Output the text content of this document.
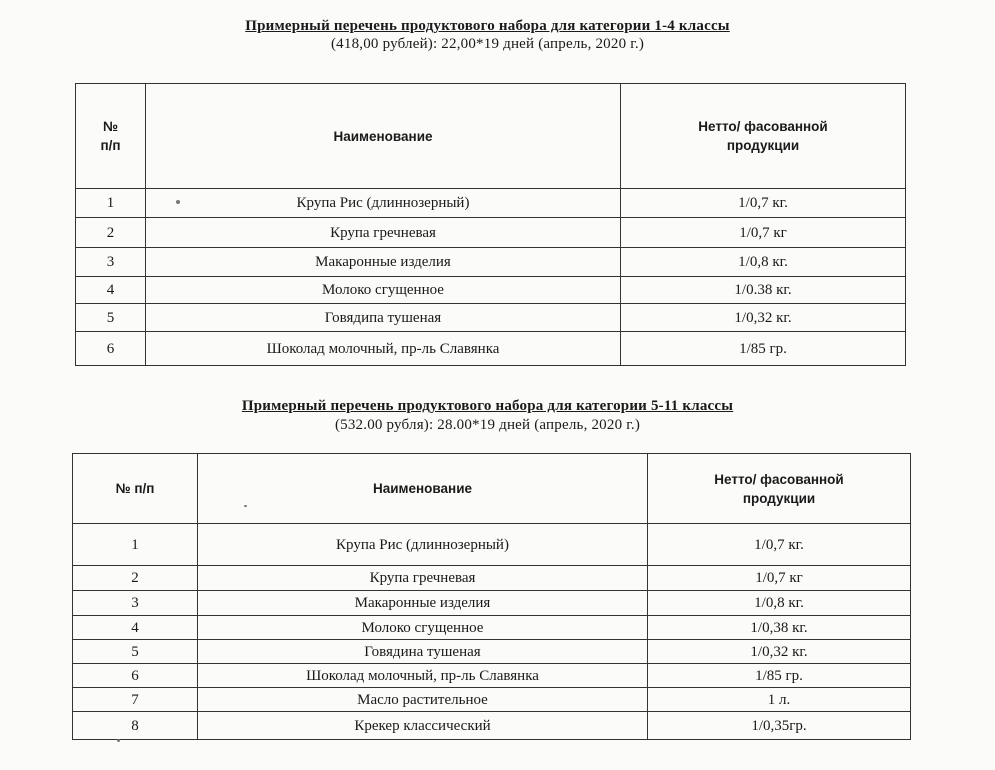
Примерный перечень продуктового набора для категории 1-4 классы
(418,00 рублей): 22,00*19 дней (апрель, 2020 г.)
№
п/п	Наименование	Нетто/ фасованной
продукции
1	Крупа Рис (длиннозерный)	1/0,7 кг.
2	Крупа гречневая	1/0,7 кг
3	Макаронные изделия	1/0,8 кг.
4	Молоко сгущенное	1/0.38 кг.
5	Говядипа тушеная	1/0,32 кг.
6	Шоколад молочный, пр-ль Славянка	1/85 гр.
Примерный перечень продуктового набора для категории 5-11 классы
(532.00 рубля): 28.00*19 дней (апрель, 2020 г.)
№ п/п	Наименование	Нетто/ фасованной
продукции
1	Крупа Рис (длиннозерный)	1/0,7 кг.
2	Крупа гречневая	1/0,7 кг
3	Макаронные изделия	1/0,8 кг.
4	Молоко сгущенное	1/0,38 кг.
5	Говядина тушеная	1/0,32 кг.
6	Шоколад молочный, пр-ль Славянка	1/85 гр.
7	Масло растительное	1 л.
8	Крекер классический	1/0,35гр.
